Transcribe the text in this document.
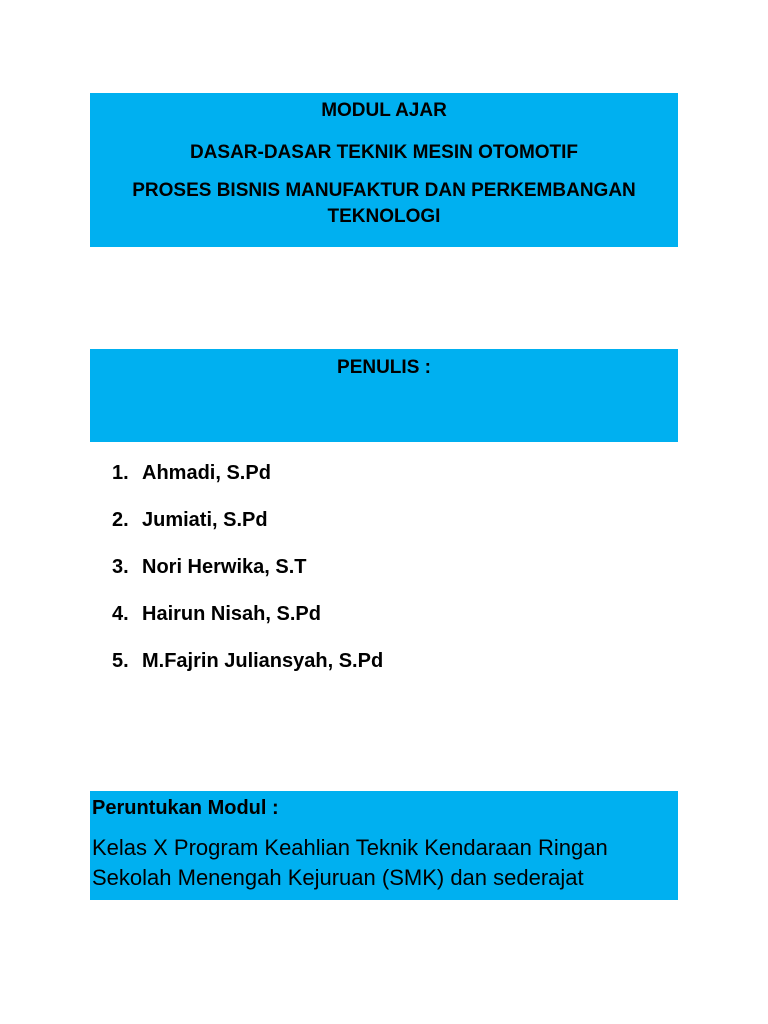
MODUL AJAR

DASAR-DASAR TEKNIK MESIN OTOMOTIF

PROSES BISNIS MANUFAKTUR DAN PERKEMBANGAN TEKNOLOGI

PENULIS :

1. Ahmadi, S.Pd
2. Jumiati, S.Pd
3. Nori Herwika, S.T
4. Hairun Nisah, S.Pd
5. M.Fajrin Juliansyah, S.Pd

Peruntukan Modul :

Kelas X Program Keahlian Teknik Kendaraan Ringan

Sekolah Menengah Kejuruan (SMK) dan sederajat
